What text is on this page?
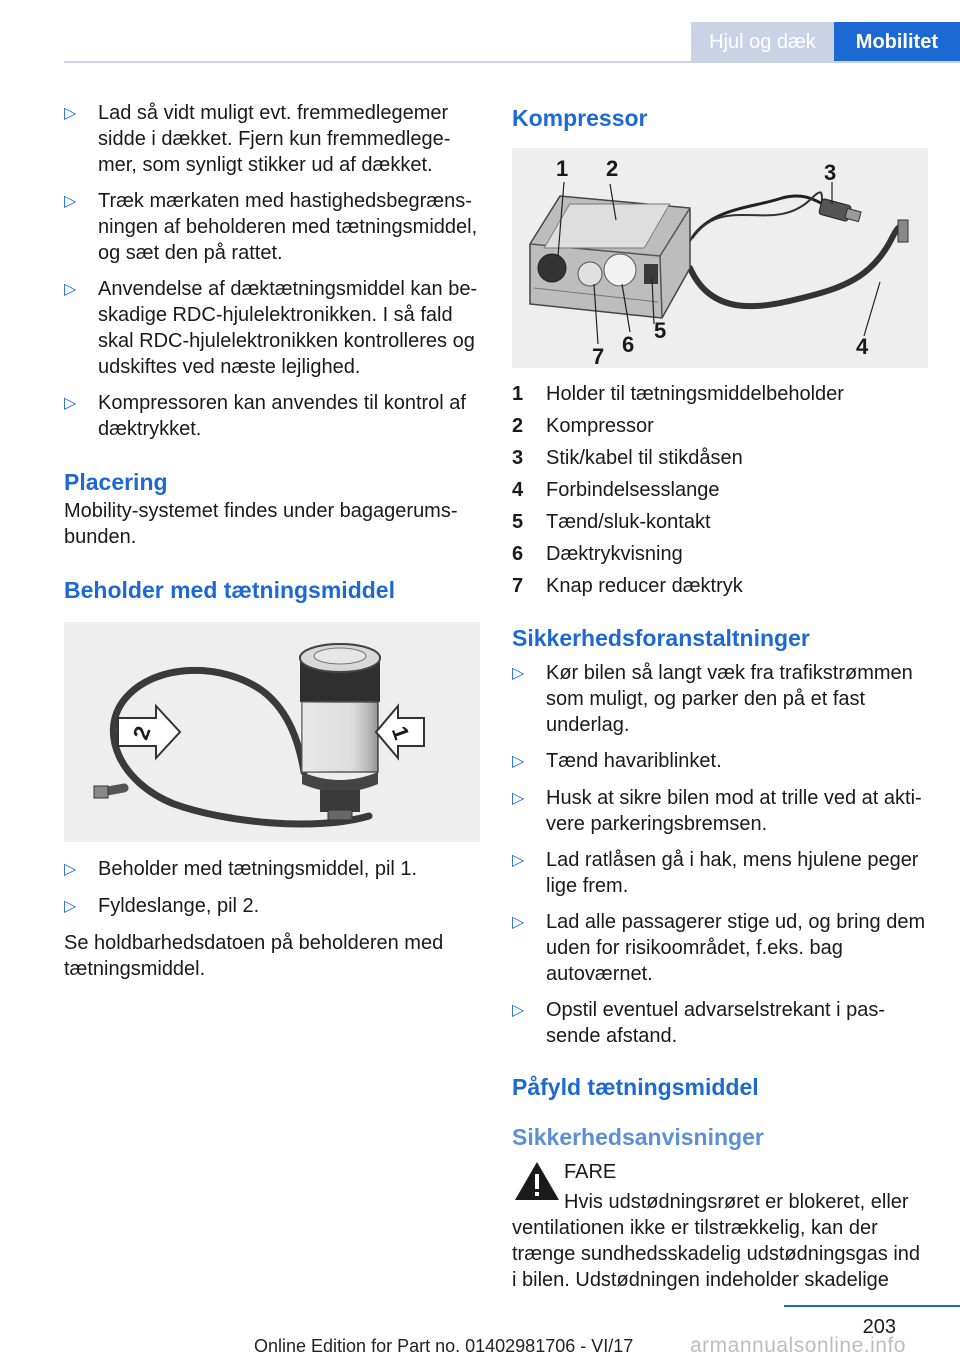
Hjul og dæk	Mobilitet
▷	Lad så vidt muligt evt. fremmedlegemer sidde i dækket. Fjern kun fremmedlegemer, som synligt stikker ud af dækket.
▷	Træk mærkaten med hastighedsbegrænsningen af beholderen med tætningsmiddel, og sæt den på rattet.
▷	Anvendelse af dæktætningsmiddel kan beskadige RDC-hjulelektronikken. I så fald skal RDC-hjulelektronikken kontrolleres og udskiftes ved næste lejlighed.
▷	Kompressoren kan anvendes til kontrol af dæktrykket.
Placering

Mobility-systemet findes under bagagerumsbunden.

Beholder med tætningsmiddel
2	1
▷	Beholder med tætningsmiddel, pil 1.
▷	Fyldeslange, pil 2.

Se holdbarhedsdatoen på beholderen med tætningsmiddel.

Kompressor
1 2	3
4
5
6
7
1	Holder til tætningsmiddelbeholder
2	Kompressor
3	Stik/kabel til stikdåsen
4	Forbindelsesslange
5	Tænd/sluk-kontakt
6	Dæktrykvisning
7	Knap reducer dæktryk
Sikkerhedsforanstaltninger
▷	Kør bilen så langt væk fra trafikstrømmen som muligt, og parker den på et fast underlag.
▷	Tænd havariblinket.
▷	Husk at sikre bilen mod at trille ved at aktivere parkeringsbremsen.
▷	Lad ratlåsen gå i hak, mens hjulene peger lige frem.
▷	Lad alle passagerer stige ud, og bring dem uden for risikoområdet, f.eks. bag autoværnet.
▷	Opstil eventuel advarselstrekant i passende afstand.
Påfyld tætningsmiddel
Sikkerhedsanvisninger
FARE
Hvis udstødningsrøret er blokeret, eller

ventilationen ikke er tilstrækkelig, kan der trænge sundhedsskadelig udstødningsgas ind i bilen. Udstødningen indeholder skadelige

203
Online Edition for Part no. 01402981706 - VI/17	armannualsonline.info
